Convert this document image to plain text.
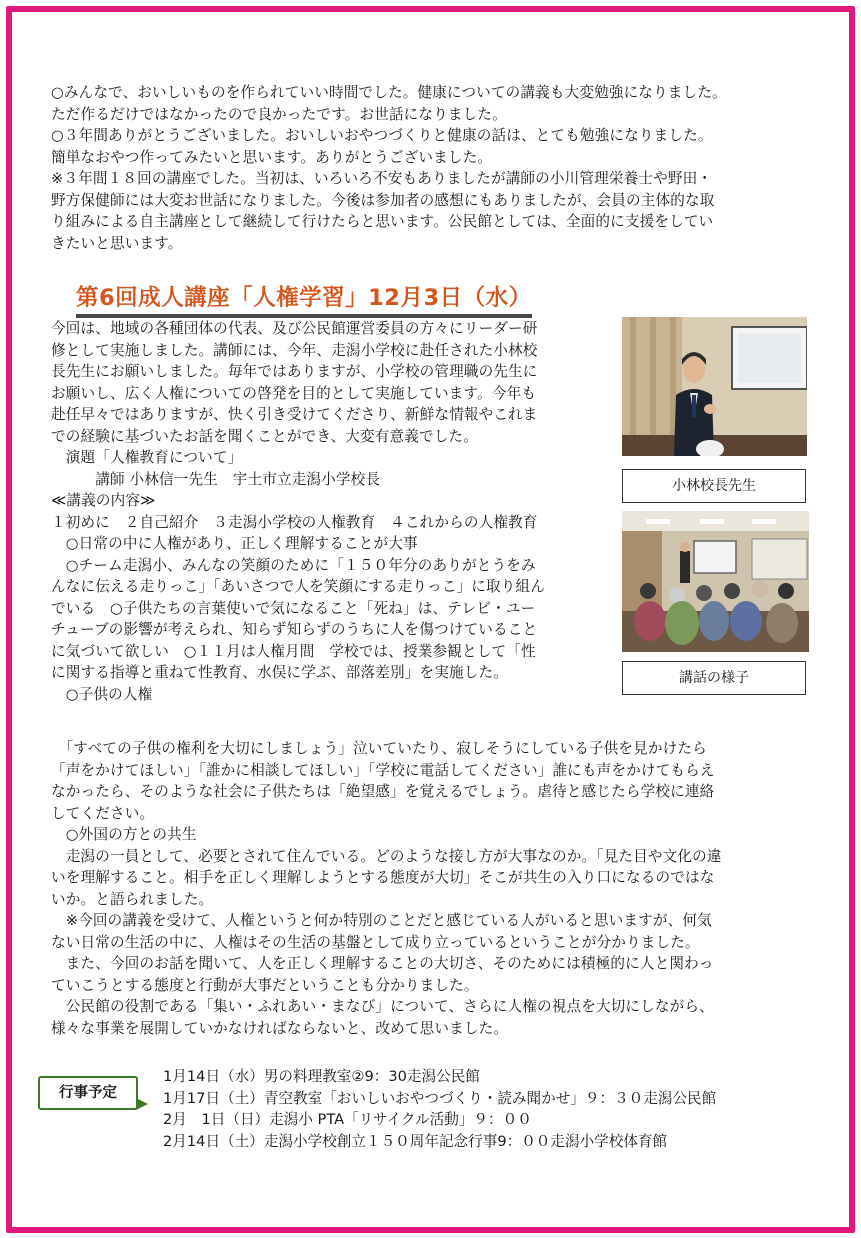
○みんなで、おいしいものを作られていい時間でした。健康についての講義も大変勉強になりました。
ただ作るだけではなかったので良かったです。お世話になりました。
○３年間ありがとうございました。おいしいおやつづくりと健康の話は、とても勉強になりました。
簡単なおやつ作ってみたいと思います。ありがとうございました。
※３年間１８回の講座でした。当初は、いろいろ不安もありましたが講師の小川管理栄養士や野田・
野方保健師には大変お世話になりました。今後は参加者の感想にもありましたが、会員の主体的な取
り組みによる自主講座として継続して行けたらと思います。公民館としては、全面的に支援をしてい
きたいと思います。
第6回成人講座「人権学習」12月3日（水）
今回は、地域の各種団体の代表、及び公民館運営委員の方々にリーダー研
修として実施しました。講師には、今年、走潟小学校に赴任された小林校
長先生にお願いしました。毎年ではありますが、小学校の管理職の先生に
お願いし、広く人権についての啓発を目的として実施しています。今年も
赴任早々ではありますが、快く引き受けてくださり、新鮮な情報やこれま
での経験に基づいたお話を聞くことができ、大変有意義でした。
　演題「人権教育について」
　　　講師 小林信一先生　宇土市立走潟小学校長
≪講義の内容≫
１初めに　２自己紹介　３走潟小学校の人権教育　４これからの人権教育
　○日常の中に人権があり、正しく理解することが大事
　○チーム走潟小、みんなの笑顔のために「１５０年分のありがとうをみ
んなに伝える走りっこ」「あいさつで人を笑顔にする走りっこ」に取り組ん
でいる　○子供たちの言葉使いで気になること「死ね」は、テレビ・ユー
チューブの影響が考えられ、知らず知らずのうちに人を傷つけていること
に気づいて欲しい　○１１月は人権月間　学校では、授業参観として「性
に関する指導と重ねて性教育、水俣に学ぶ、部落差別」を実施した。
　○子供の人権
小林校長先生
講話の様子
　「すべての子供の権利を大切にしましょう」泣いていたり、寂しそうにしている子供を見かけたら
「声をかけてほしい」「誰かに相談してほしい」「学校に電話してください」誰にも声をかけてもらえ
なかったら、そのような社会に子供たちは「絶望感」を覚えるでしょう。虐待と感じたら学校に連絡
してください。
　○外国の方との共生
　走潟の一員として、必要とされて住んでいる。どのような接し方が大事なのか。「見た目や文化の違
いを理解すること。相手を正しく理解しようとする態度が大切」そこが共生の入り口になるのではな
いか。と語られました。
　※今回の講義を受けて、人権というと何か特別のことだと感じている人がいると思いますが、何気
ない日常の生活の中に、人権はその生活の基盤として成り立っているということが分かりました。
　また、今回のお話を聞いて、人を正しく理解することの大切さ、そのためには積極的に人と関わっ
ていこうとする態度と行動が大事だということも分かりました。
　公民館の役割である「集い・ふれあい・まなび」について、さらに人権の視点を大切にしながら、
様々な事業を展開していかなければならないと、改めて思いました。
行事予定
1月14日（水）男の料理教室②9：30走潟公民館
1月17日（土）青空教室「おいしいおやつづくり・読み聞かせ」９：３０走潟公民館
2月　1日（日）走潟小 PTA「リサイクル活動」９：００
2月14日（土）走潟小学校創立１５０周年記念行事9：００走潟小学校体育館
